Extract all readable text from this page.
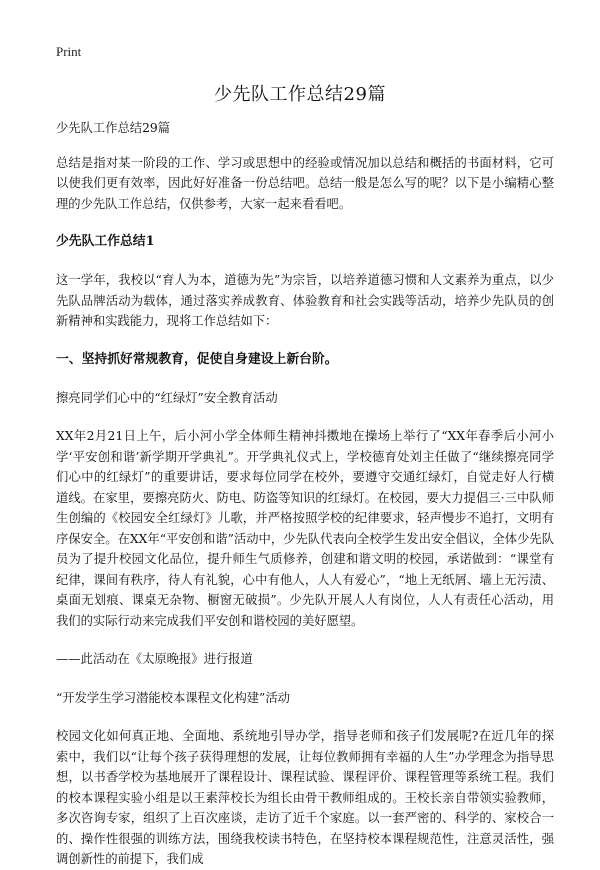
Print
少先队工作总结29篇

少先队工作总结29篇

总结是指对某一阶段的工作、学习或思想中的经验或情况加以总结和概括的书面材料，它可以使我们更有效率，因此好好准备一份总结吧。总结一般是怎么写的呢？以下是小编精心整理的少先队工作总结，仅供参考，大家一起来看看吧。

少先队工作总结1

这一学年，我校以“育人为本，道德为先”为宗旨，以培养道德习惯和人文素养为重点，以少先队品牌活动为载体，通过落实养成教育、体验教育和社会实践等活动，培养少先队员的创新精神和实践能力，现将工作总结如下：

一、坚持抓好常规教育，促使自身建设上新台阶。

擦亮同学们心中的“红绿灯”安全教育活动

XX年2月21日上午，后小河小学全体师生精神抖擞地在操场上举行了“XX年春季后小河小学‘平安创和谐’新学期开学典礼”。开学典礼仪式上，学校德育处刘主任做了“继续擦亮同学们心中的红绿灯”的重要讲话，要求每位同学在校外，要遵守交通红绿灯，自觉走好人行横道线。在家里，要擦亮防火、防电、防盗等知识的红绿灯。在校园，要大力提倡三·三中队师生创编的《校园安全红绿灯》儿歌，并严格按照学校的纪律要求，轻声慢步不追打，文明有序保安全。在XX年“平安创和谐”活动中，少先队代表向全校学生发出安全倡议，全体少先队员为了提升校园文化品位，提升师生气质修养，创建和谐文明的校园，承诺做到：“课堂有纪律，课间有秩序，待人有礼貌，心中有他人，人人有爱心”，“地上无纸屑、墙上无污渍、桌面无划痕、课桌无杂物、橱窗无破损”。少先队开展人人有岗位，人人有责任心活动，用我们的实际行动来完成我们平安创和谐校园的美好愿望。

——此活动在《太原晚报》进行报道

“开发学生学习潜能校本课程文化构建”活动

校园文化如何真正地、全面地、系统地引导办学，指导老师和孩子们发展呢?在近几年的探索中，我们以“让每个孩子获得理想的发展，让每位教师拥有幸福的人生”办学理念为指导思想，以书香学校为基地展开了课程设计、课程试验、课程评价、课程管理等系统工程。我们的校本课程实验小组是以王素萍校长为组长由骨干教师组成的。王校长亲自带领实验教师，多次咨询专家，组织了上百次座谈，走访了近千个家庭。以一套严密的、科学的、家校合一的、操作性很强的训练方法，围绕我校读书特色，在坚持校本课程规范性，注意灵活性，强调创新性的前提下，我们成
